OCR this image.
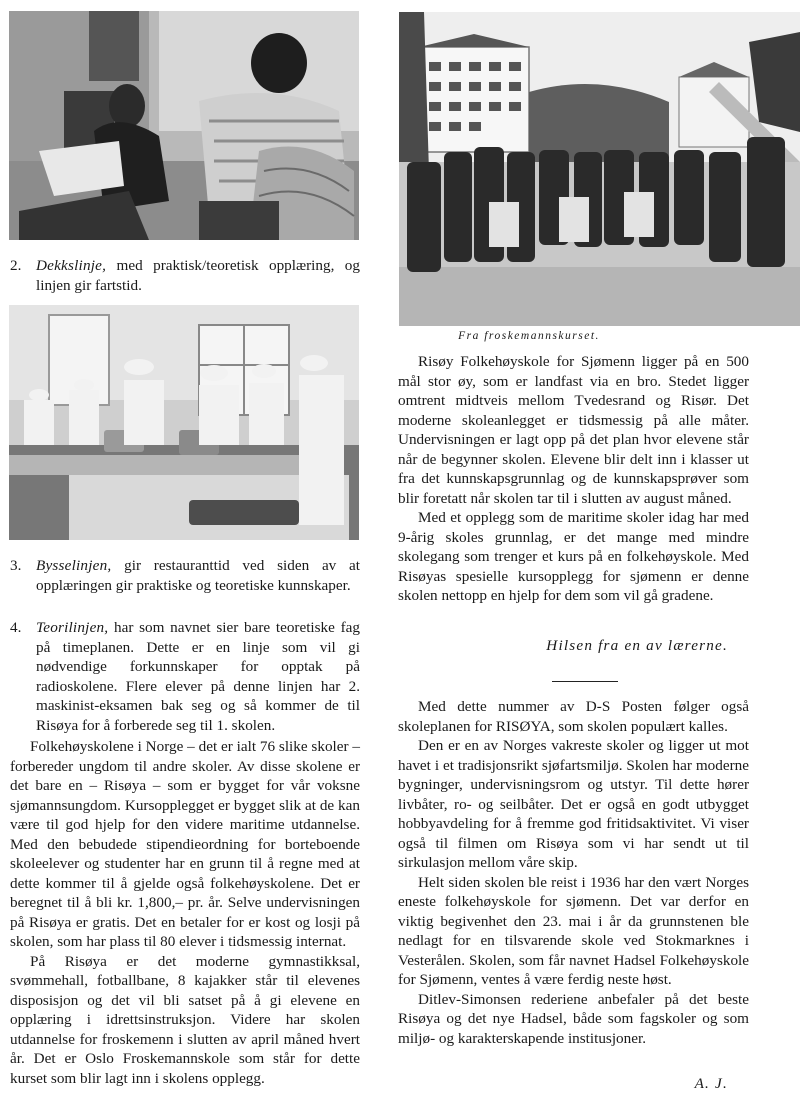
Fra froskemannskurset.
2. Dekkslinje, med praktisk/teoretisk opplæring, og linjen gir fartstid.
3. Bysselinjen, gir restauranttid ved siden av at opplæringen gir praktiske og teoretiske kunnskaper.
4. Teorilinjen, har som navnet sier bare teoretiske fag på timeplanen. Dette er en linje som vil gi nødvendige forkunnskaper for opptak på radioskolene. Flere elever på denne linjen har 2. maskinist-eksamen bak seg og så kommer de til Risøya for å forberede seg til 1. skolen.

Folkehøyskolene i Norge – det er ialt 76 slike skoler – forbereder ungdom til andre skoler. Av disse skolene er det bare en – Risøya – som er bygget for vår voksne sjømannsungdom. Kursopplegget er bygget slik at de kan være til god hjelp for den videre maritime utdannelse. Med den bebudede stipendieordning for borteboende skoleelever og studenter har en grunn til å regne med at dette kommer til å gjelde også folkehøyskolene. Det er beregnet til å bli kr. 1,800,– pr. år. Selve undervisningen på Risøya er gratis. Det en betaler for er kost og losji på skolen, som har plass til 80 elever i tidsmessig internat.

På Risøya er det moderne gymnastikksal, svømmehall, fotballbane, 8 kajakker står til elevenes disposisjon og det vil bli satset på å gi elevene en opplæring i idrettsinstruksjon. Videre har skolen utdannelse for froskemenn i slutten av april måned hvert år. Det er Oslo Froskemannskole som står for dette kurset som blir lagt inn i skolens opplegg.

Risøy Folkehøyskole for Sjømenn ligger på en 500 mål stor øy, som er landfast via en bro. Stedet ligger omtrent midtveis mellom Tvedesrand og Risør. Det moderne skoleanlegget er tidsmessig på alle måter. Undervisningen er lagt opp på det plan hvor elevene står når de begynner skolen. Elevene blir delt inn i klasser ut fra det kunnskapsgrunnlag og de kunnskapsprøver som blir foretatt når skolen tar til i slutten av august måned.

Med et opplegg som de maritime skoler idag har med 9-årig skoles grunnlag, er det mange med mindre skolegang som trenger et kurs på en folkehøyskole. Med Risøyas spesielle kursopplegg for sjømenn er denne skolen nettopp en hjelp for dem som vil gå gradene.

Hilsen fra en av lærerne.

Med dette nummer av D-S Posten følger også skoleplanen for RISØYA, som skolen populært kalles.

Den er en av Norges vakreste skoler og ligger ut mot havet i et tradisjonsrikt sjøfartsmiljø. Skolen har moderne bygninger, undervisningsrom og utstyr. Til dette hører livbåter, ro- og seilbåter. Det er også en godt utbygget hobbyavdeling for å fremme god fritidsaktivitet. Vi viser også til filmen om Risøya som vi har sendt ut til sirkulasjon mellom våre skip.

Helt siden skolen ble reist i 1936 har den vært Norges eneste folkehøyskole for sjømenn. Det var derfor en viktig begivenhet den 23. mai i år da grunnstenen ble nedlagt for en tilsvarende skole ved Stokmarknes i Vesterålen. Skolen, som får navnet Hadsel Folkehøyskole for Sjømenn, ventes å være ferdig neste høst.

Ditlev-Simonsen rederiene anbefaler på det beste Risøya og det nye Hadsel, både som fagskoler og som miljø- og karakterskapende institusjoner.

A. J.
